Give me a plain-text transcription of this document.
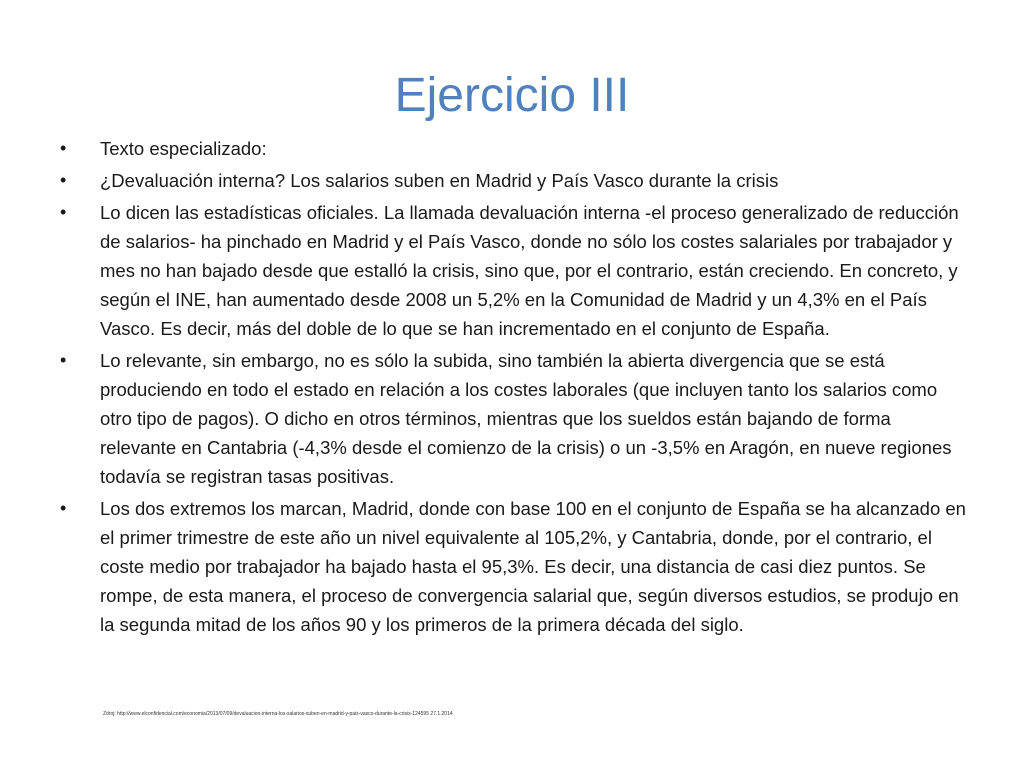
Ejercicio III
• Texto especializado:
• ¿Devaluación interna? Los salarios suben en Madrid y País Vasco durante la crisis
• Lo dicen las estadísticas oficiales. La llamada devaluación interna -el proceso generalizado de reducción de salarios- ha pinchado en Madrid y el País Vasco, donde no sólo los costes salariales por trabajador y mes no han bajado desde que estalló la crisis, sino que, por el contrario, están creciendo. En concreto, y según el INE, han aumentado desde 2008 un 5,2% en la Comunidad de Madrid y un 4,3% en el País Vasco. Es decir, más del doble de lo que se han incrementado en el conjunto de España.
• Lo relevante, sin embargo, no es sólo la subida, sino también la abierta divergencia que se está produciendo en todo el estado en relación a los costes laborales (que incluyen tanto los salarios como otro tipo de pagos). O dicho en otros términos, mientras que los sueldos están bajando de forma relevante en Cantabria (-4,3% desde el comienzo de la crisis) o un -3,5% en Aragón, en nueve regiones todavía se registran tasas positivas.
• Los dos extremos los marcan, Madrid, donde con base 100 en el conjunto de España se ha alcanzado en el primer trimestre de este año un nivel equivalente al 105,2%, y Cantabria, donde, por el contrario, el coste medio por trabajador ha bajado hasta el 95,3%. Es decir, una distancia de casi diez puntos. Se rompe, de esta manera, el proceso de convergencia salarial que, según diversos estudios, se produjo en la segunda mitad de los años 90 y los primeros de la primera década del siglo.
Zdroj: http://www.elconfidencial.com/economia/2013/07/09/devaluacion-interna-los-salarios-suben-en-madrid-y-pais-vasco-durante-la-crisis-124595 27.1.2014
